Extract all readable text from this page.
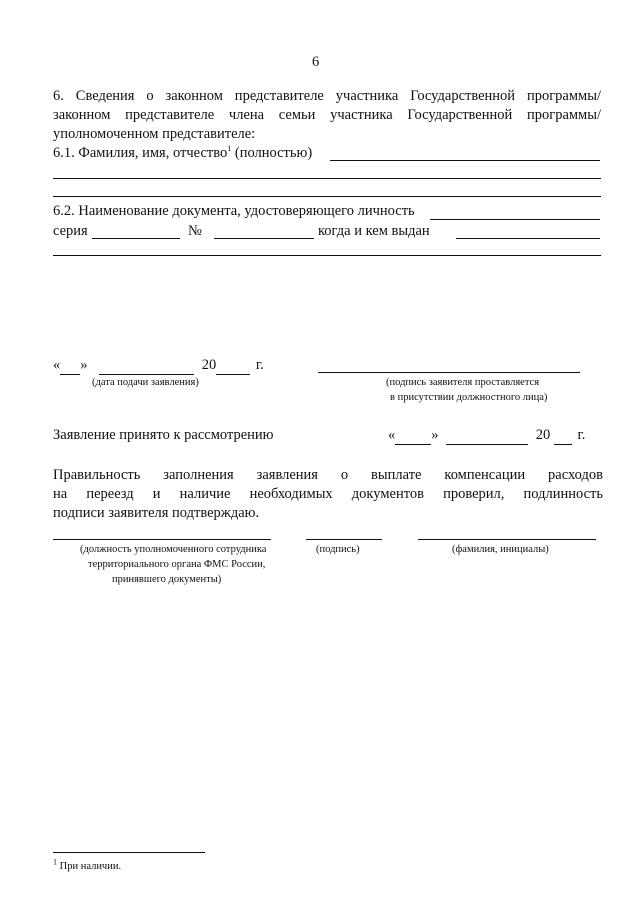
6
6. Сведения о законном представителе участника Государственной программы/
законном представителе члена семьи участника Государственной программы/
уполномоченном представителе:
6.1. Фамилия, имя, отчество$^1$ (полностью)
6.2. Наименование документа, удостоверяющего личность
серия	№	когда и кем выдан
« »	20	г.
(дата подачи заявления)	(подпись заявителя проставляется
в присутствии должностного лица)
Заявление принято к рассмотрению	« »	20 г.
Правильность заполнения заявления о выплате компенсации расходов
на переезд и наличие необходимых документов проверил, подлинность
подписи заявителя подтверждаю.
(должность уполномоченного сотрудника
территориального органа ФМС России,
принявшего документы)
(подпись)	(фамилия, инициалы)
$^1$ При наличии.
